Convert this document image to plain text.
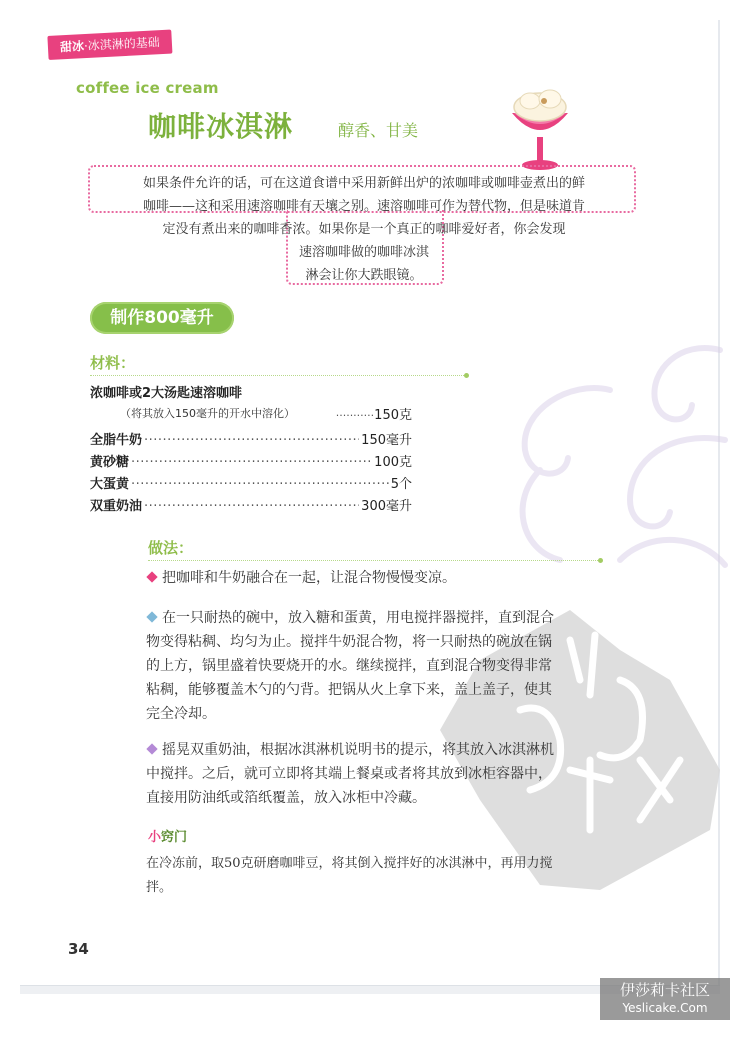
甜冰·冰淇淋的基础
coffee ice cream
咖啡冰淇淋	醇香、甘美

如果条件允许的话，可在这道食谱中采用新鲜出炉的浓咖啡或咖啡壶煮出的鲜

咖啡——这和采用速溶咖啡有天壤之别。速溶咖啡可作为替代物，但是味道肯

定没有煮出来的咖啡香浓。如果你是一个真正的咖啡爱好者，你会发现

速溶咖啡做的咖啡冰淇

淋会让你大跌眼镜。

制作800毫升
材料：
浓咖啡或2大汤匙速溶咖啡
（将其放入150毫升的开水中溶化）	···········150克
全脂牛奶 ·····	150毫升
黄砂糖 ·····	100克
大蛋黄 ·····	5个
双重奶油 ·····	300毫升
做法：

把咖啡和牛奶融合在一起，让混合物慢慢变凉。

在一只耐热的碗中，放入糖和蛋黄，用电搅拌器搅拌，直到混合物变得粘稠、均匀为止。搅拌牛奶混合物，将一只耐热的碗放在锅的上方，锅里盛着快要烧开的水。继续搅拌，直到混合物变得非常粘稠，能够覆盖木勺的勺背。把锅从火上拿下来，盖上盖子，使其完全冷却。

摇晃双重奶油，根据冰淇淋机说明书的提示，将其放入冰淇淋机中搅拌。之后，就可立即将其端上餐桌或者将其放到冰柜容器中，直接用防油纸或箔纸覆盖，放入冰柜中冷藏。

小窍门
在冷冻前，取50克研磨咖啡豆，将其倒入搅拌好的冰淇淋中，再用力搅拌。
34
伊莎莉卡社区
Yeslicake.Com
